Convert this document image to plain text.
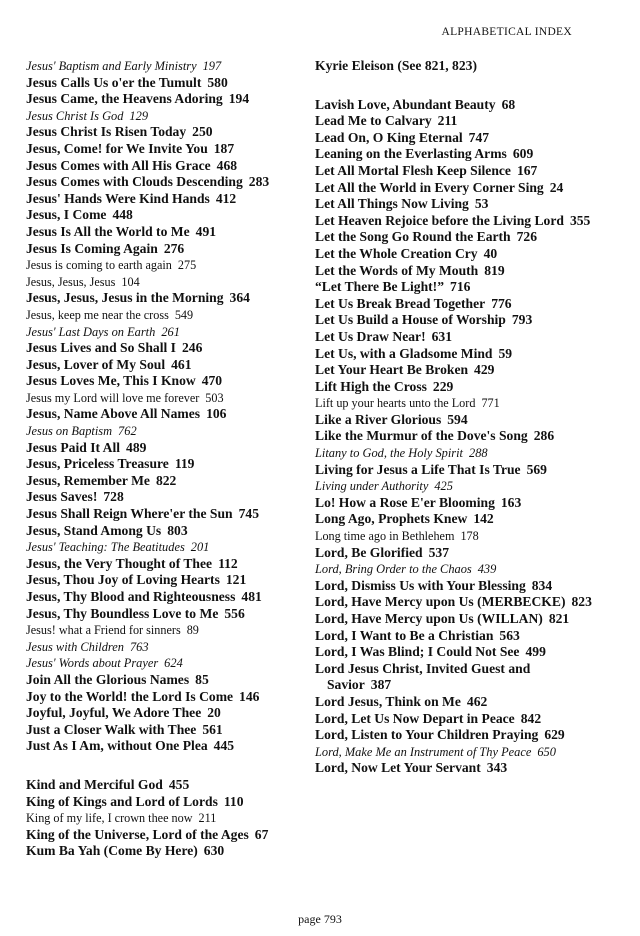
ALPHABETICAL INDEX
Jesus' Baptism and Early Ministry 197
Jesus Calls Us o'er the Tumult 580
Jesus Came, the Heavens Adoring 194
Jesus Christ Is God 129
Jesus Christ Is Risen Today 250
Jesus, Come! for We Invite You 187
Jesus Comes with All His Grace 468
Jesus Comes with Clouds Descending 283
Jesus' Hands Were Kind Hands 412
Jesus, I Come 448
Jesus Is All the World to Me 491
Jesus Is Coming Again 276
Jesus is coming to earth again 275
Jesus, Jesus, Jesus 104
Jesus, Jesus, Jesus in the Morning 364
Jesus, keep me near the cross 549
Jesus' Last Days on Earth 261
Jesus Lives and So Shall I 246
Jesus, Lover of My Soul 461
Jesus Loves Me, This I Know 470
Jesus my Lord will love me forever 503
Jesus, Name Above All Names 106
Jesus on Baptism 762
Jesus Paid It All 489
Jesus, Priceless Treasure 119
Jesus, Remember Me 822
Jesus Saves! 728
Jesus Shall Reign Where'er the Sun 745
Jesus, Stand Among Us 803
Jesus' Teaching: The Beatitudes 201
Jesus, the Very Thought of Thee 112
Jesus, Thou Joy of Loving Hearts 121
Jesus, Thy Blood and Righteousness 481
Jesus, Thy Boundless Love to Me 556
Jesus! what a Friend for sinners 89
Jesus with Children 763
Jesus' Words about Prayer 624
Join All the Glorious Names 85
Joy to the World! the Lord Is Come 146
Joyful, Joyful, We Adore Thee 20
Just a Closer Walk with Thee 561
Just As I Am, without One Plea 445
Kind and Merciful God 455
King of Kings and Lord of Lords 110
King of my life, I crown thee now 211
King of the Universe, Lord of the Ages 67
Kum Ba Yah (Come By Here) 630
Kyrie Eleison (See 821, 823)
Lavish Love, Abundant Beauty 68
Lead Me to Calvary 211
Lead On, O King Eternal 747
Leaning on the Everlasting Arms 609
Let All Mortal Flesh Keep Silence 167
Let All the World in Every Corner Sing 24
Let All Things Now Living 53
Let Heaven Rejoice before the Living Lord 355
Let the Song Go Round the Earth 726
Let the Whole Creation Cry 40
Let the Words of My Mouth 819
“Let There Be Light!” 716
Let Us Break Bread Together 776
Let Us Build a House of Worship 793
Let Us Draw Near! 631
Let Us, with a Gladsome Mind 59
Let Your Heart Be Broken 429
Lift High the Cross 229
Lift up your hearts unto the Lord 771
Like a River Glorious 594
Like the Murmur of the Dove's Song 286
Litany to God, the Holy Spirit 288
Living for Jesus a Life That Is True 569
Living under Authority 425
Lo! How a Rose E'er Blooming 163
Long Ago, Prophets Knew 142
Long time ago in Bethlehem 178
Lord, Be Glorified 537
Lord, Bring Order to the Chaos 439
Lord, Dismiss Us with Your Blessing 834
Lord, Have Mercy upon Us (MERBECKE) 823
Lord, Have Mercy upon Us (WILLAN) 821
Lord, I Want to Be a Christian 563
Lord, I Was Blind; I Could Not See 499
Lord Jesus Christ, Invited Guest and Savior 387
Lord Jesus, Think on Me 462
Lord, Let Us Now Depart in Peace 842
Lord, Listen to Your Children Praying 629
Lord, Make Me an Instrument of Thy Peace 650
Lord, Now Let Your Servant 343
page 793
